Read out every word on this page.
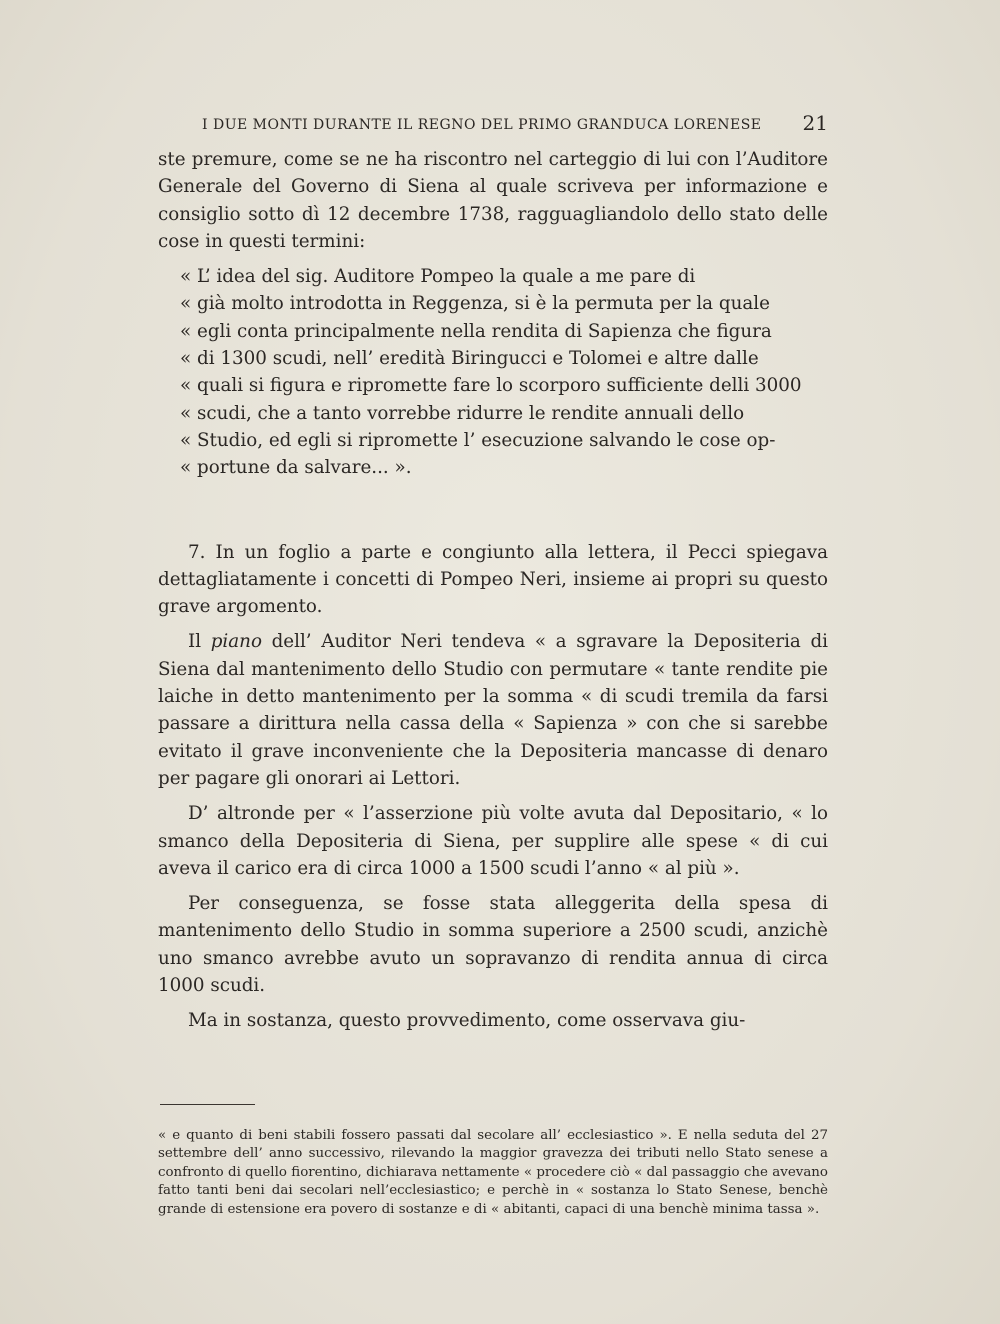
I DUE MONTI DURANTE IL REGNO DEL PRIMO GRANDUCA LORENESE 21

ste premure, come se ne ha riscontro nel carteggio di lui con l’Auditore Generale del Governo di Siena al quale scriveva per informazione e consiglio sotto dì 12 decembre 1738, ragguagliandolo dello stato delle cose in questi termini:

« L’ idea del sig. Auditore Pompeo la quale a me pare di

« già molto introdotta in Reggenza, si è la permuta per la quale

« egli conta principalmente nella rendita di Sapienza che figura

« di 1300 scudi, nell’ eredità Biringucci e Tolomei e altre dalle

« quali si figura e ripromette fare lo scorporo sufficiente delli 3000

« scudi, che a tanto vorrebbe ridurre le rendite annuali dello

« Studio, ed egli si ripromette l’ esecuzione salvando le cose op-

« portune da salvare... ».

7. In un foglio a parte e congiunto alla lettera, il Pecci spiegava dettagliatamente i concetti di Pompeo Neri, insieme ai propri su questo grave argomento.

Il piano dell’ Auditor Neri tendeva « a sgravare la Depositeria di Siena dal mantenimento dello Studio con permutare « tante rendite pie laiche in detto mantenimento per la somma « di scudi tremila da farsi passare a dirittura nella cassa della « Sapienza » con che si sarebbe evitato il grave inconveniente che la Depositeria mancasse di denaro per pagare gli onorari ai Lettori.

D’ altronde per « l’asserzione più volte avuta dal Depositario, « lo smanco della Depositeria di Siena, per supplire alle spese « di cui aveva il carico era di circa 1000 a 1500 scudi l’anno « al più ».

Per conseguenza, se fosse stata alleggerita della spesa di mantenimento dello Studio in somma superiore a 2500 scudi, anzichè uno smanco avrebbe avuto un sopravanzo di rendita annua di circa 1000 scudi.

Ma in sostanza, questo provvedimento, come osservava giu-

« e quanto di beni stabili fossero passati dal secolare all’ ecclesiastico ». E nella seduta del 27 settembre dell’ anno successivo, rilevando la maggior gravezza dei tributi nello Stato senese a confronto di quello fiorentino, dichiarava nettamente « procedere ciò « dal passaggio che avevano fatto tanti beni dai secolari nell’ecclesiastico; e perchè in « sostanza lo Stato Senese, benchè grande di estensione era povero di sostanze e di « abitanti, capaci di una benchè minima tassa ».
